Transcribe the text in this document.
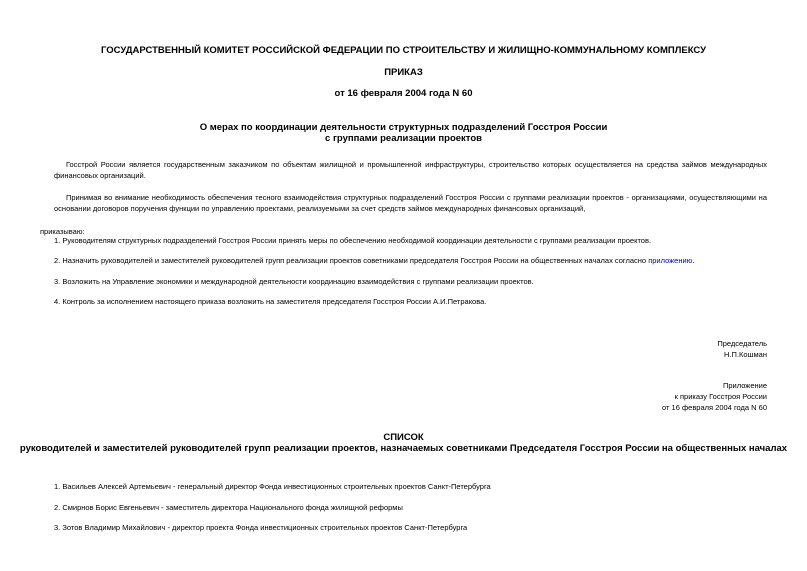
ГОСУДАРСТВЕННЫЙ КОМИТЕТ РОССИЙСКОЙ ФЕДЕРАЦИИ ПО СТРОИТЕЛЬСТВУ И ЖИЛИЩНО-КОММУНАЛЬНОМУ КОМПЛЕКСУ
ПРИКАЗ
от 16 февраля 2004 года N 60
О мерах по координации деятельности структурных подразделений Госстроя России
с группами реализации проектов
Госстрой России является государственным заказчиком по объектам жилищной и промышленной инфраструктуры, строительство которых осуществляется на средства займов международных финансовых организаций.
Принимая во внимание необходимость обеспечения тесного взаимодействия структурных подразделений Госстроя России с группами реализации проектов - организациями, осуществляющими на основании договоров поручения функции по управлению проектами, реализуемыми за счет средств займов международных финансовых организаций,
приказываю:
1. Руководителям структурных подразделений Госстроя России принять меры по обеспечению необходимой координации деятельности с группами реализации проектов.
2. Назначить руководителей и заместителей руководителей групп реализации проектов советниками председателя Госстроя России на общественных началах согласно приложению.
3. Возложить на Управление экономики и международной деятельности координацию взаимодействия с группами реализации проектов.
4. Контроль за исполнением настоящего приказа возложить на заместителя председателя Госстроя России А.И.Петракова.
Председатель
Н.П.Кошман
Приложение
к приказу Госстроя России
от 16 февраля 2004 года N 60
СПИСОК
руководителей и заместителей руководителей групп реализации проектов, назначаемых советниками Председателя Госстроя России на общественных началах
1. Васильев Алексей Артемьевич - генеральный директор Фонда инвестиционных строительных проектов Санкт-Петербурга
2. Смирнов Борис Евгеньевич - заместитель директора Национального фонда жилищной реформы
3. Зотов Владимир Михайлович - директор проекта Фонда инвестиционных строительных проектов Санкт-Петербурга
